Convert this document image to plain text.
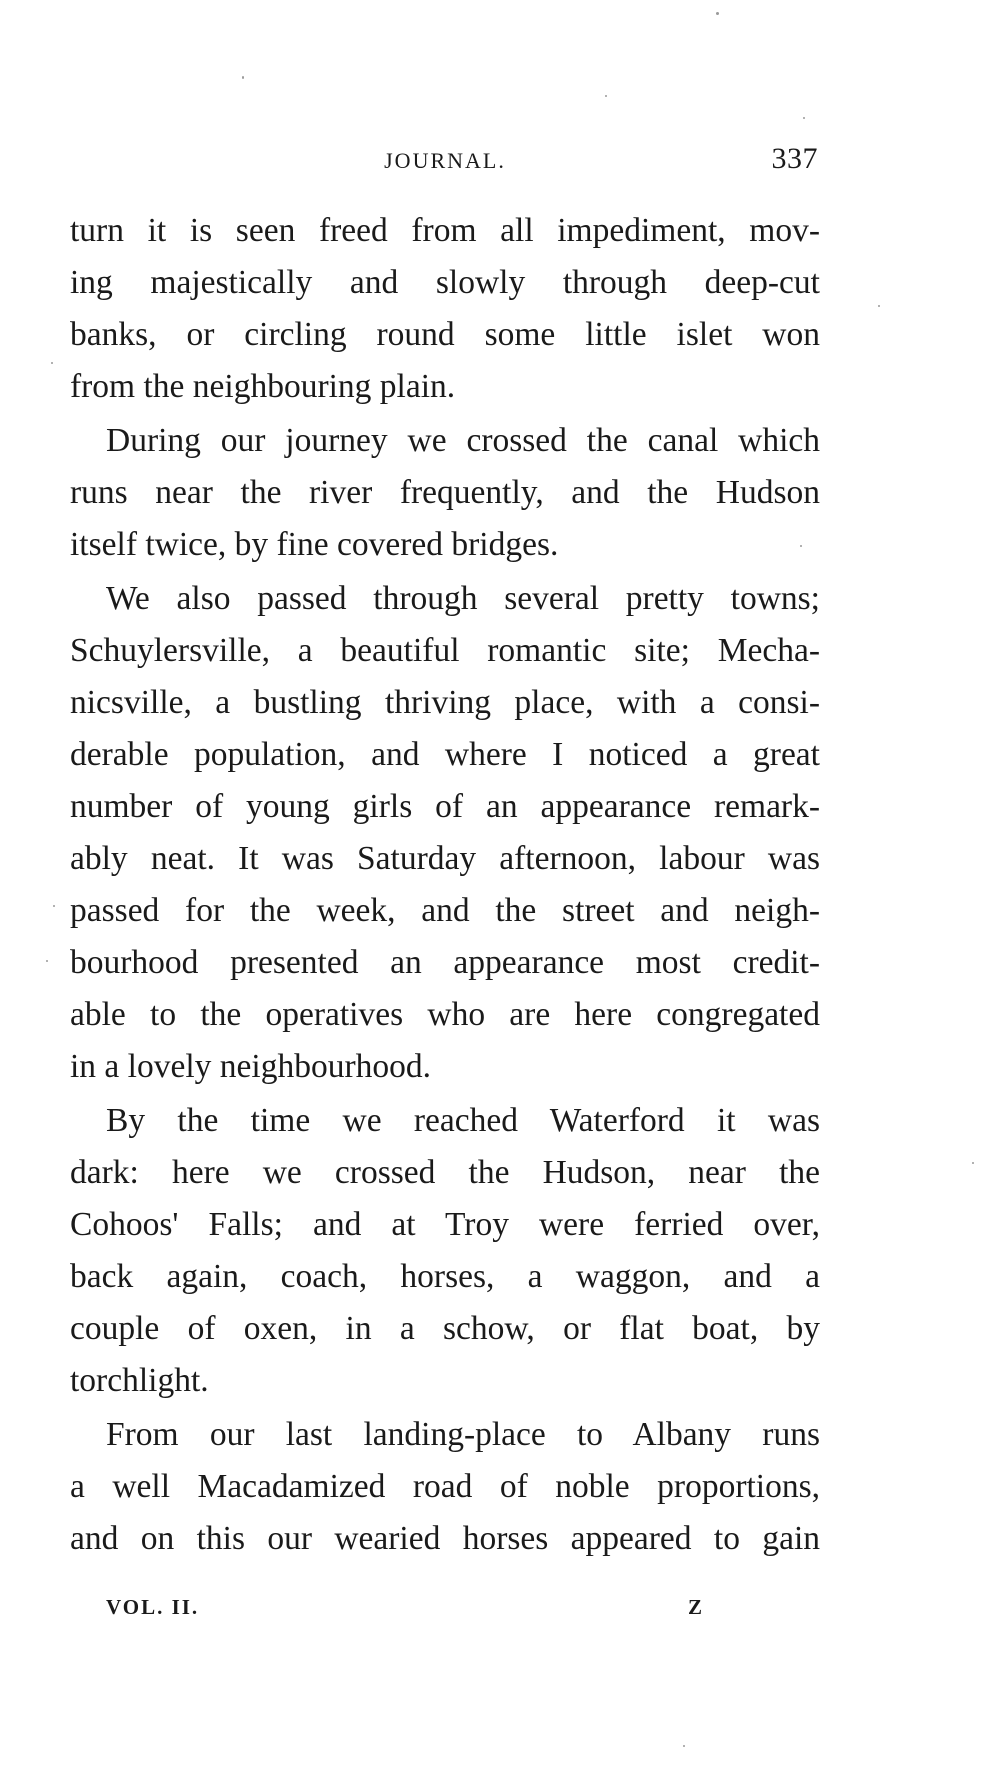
JOURNAL.	337
turn it is seen freed from all impediment, mov-
ing majestically and slowly through deep-cut
banks, or circling round some little islet won
from the neighbouring plain.
During our journey we crossed the canal which
runs near the river frequently, and the Hudson
itself twice, by fine covered bridges.
We also passed through several pretty towns;
Schuylersville, a beautiful romantic site; Mecha-
nicsville, a bustling thriving place, with a consi-
derable population, and where I noticed a great
number of young girls of an appearance remark-
ably neat. It was Saturday afternoon, labour was
passed for the week, and the street and neigh-
bourhood presented an appearance most credit-
able to the operatives who are here congregated
in a lovely neighbourhood.
By the time we reached Waterford it was
dark: here we crossed the Hudson, near the
Cohoos' Falls; and at Troy were ferried over,
back again, coach, horses, a waggon, and a
couple of oxen, in a schow, or flat boat, by
torchlight.
From our last landing-place to Albany runs
a well Macadamized road of noble proportions,
and on this our wearied horses appeared to gain
VOL. II.	Z
